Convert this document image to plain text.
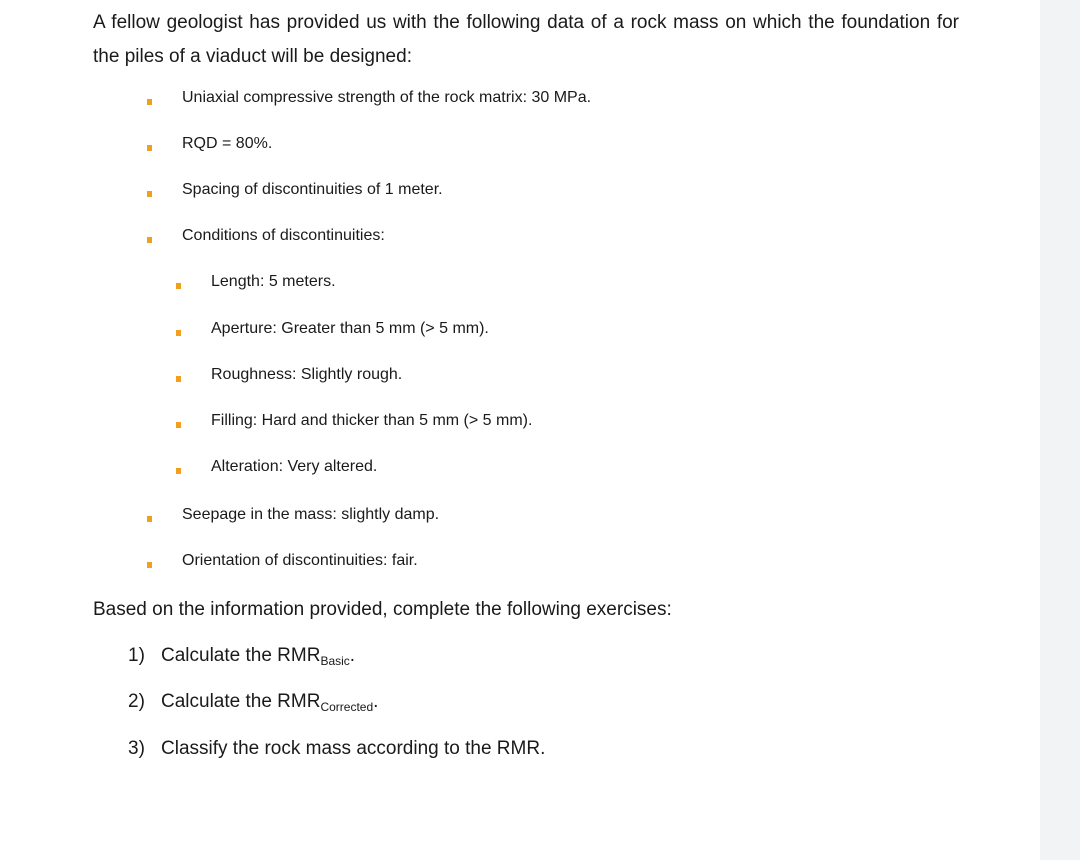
A fellow geologist has provided us with the following data of a rock mass on which the foundation for the piles of a viaduct will be designed:
Uniaxial compressive strength of the rock matrix: 30 MPa.
RQD = 80%.
Spacing of discontinuities of 1 meter.
Conditions of discontinuities:
Length: 5 meters.
Aperture: Greater than 5 mm (> 5 mm).
Roughness: Slightly rough.
Filling: Hard and thicker than 5 mm (> 5 mm).
Alteration: Very altered.
Seepage in the mass: slightly damp.
Orientation of discontinuities: fair.
Based on the information provided, complete the following exercises:
1) Calculate the $RMR_{Basic}$.
2) Calculate the $RMR_{Corrected}$.
3) Classify the rock mass according to the RMR.
